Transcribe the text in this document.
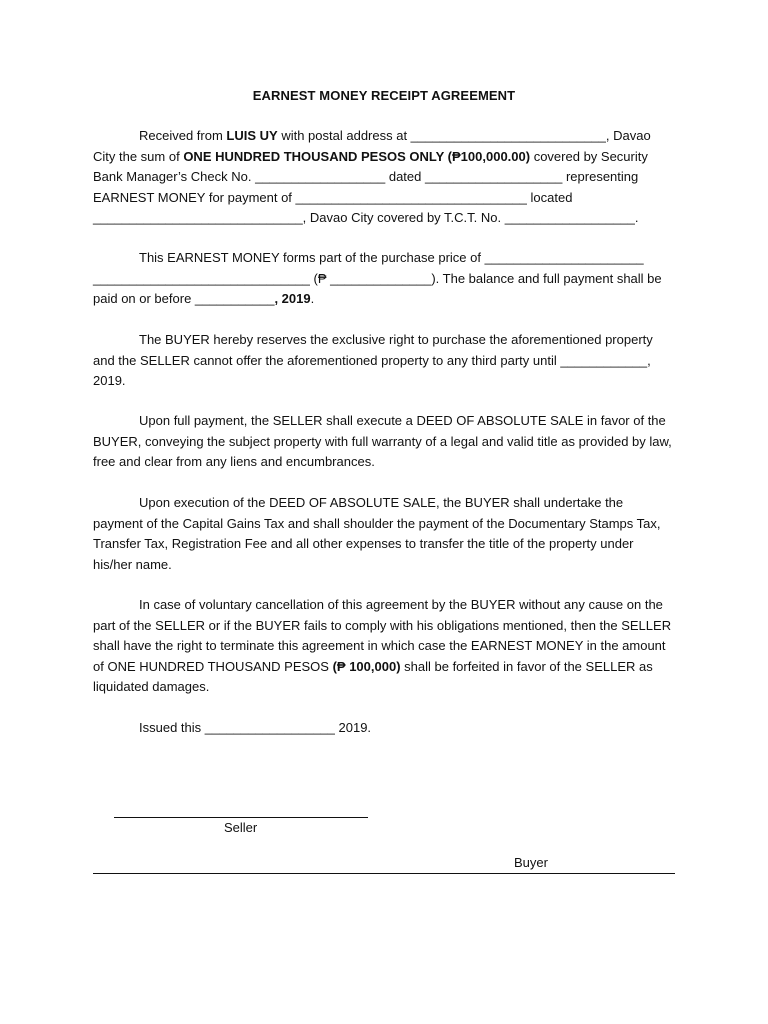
EARNEST MONEY RECEIPT AGREEMENT

Received from LUIS UY with postal address at ___________________________, Davao City the sum of ONE HUNDRED THOUSAND PESOS ONLY (₱100,000.00) covered by Security Bank Manager’s Check No. __________________ dated ___________________ representing EARNEST MONEY for payment of ________________________________ located _____________________________, Davao City covered by T.C.T. No. __________________.

This EARNEST MONEY forms part of the purchase price of ______________________ ______________________________ (₱ ______________). The balance and full payment shall be paid on or before ___________, 2019.

The BUYER hereby reserves the exclusive right to purchase the aforementioned property and the SELLER cannot offer the aforementioned property to any third party until ____________, 2019.

Upon full payment, the SELLER shall execute a DEED OF ABSOLUTE SALE in favor of the BUYER, conveying the subject property with full warranty of a legal and valid title as provided by law, free and clear from any liens and encumbrances.

Upon execution of the DEED OF ABSOLUTE SALE, the BUYER shall undertake the payment of the Capital Gains Tax and shall shoulder the payment of the Documentary Stamps Tax, Transfer Tax, Registration Fee and all other expenses to transfer the title of the property under his/her name.

In case of voluntary cancellation of this agreement by the BUYER without any cause on the part of the SELLER or if the BUYER fails to comply with his obligations mentioned, then the SELLER shall have the right to terminate this agreement in which case the EARNEST MONEY in the amount of ONE HUNDRED THOUSAND PESOS (₱ 100,000) shall be forfeited in favor of the SELLER as liquidated damages.

Issued this __________________ 2019.

Seller
Buyer
